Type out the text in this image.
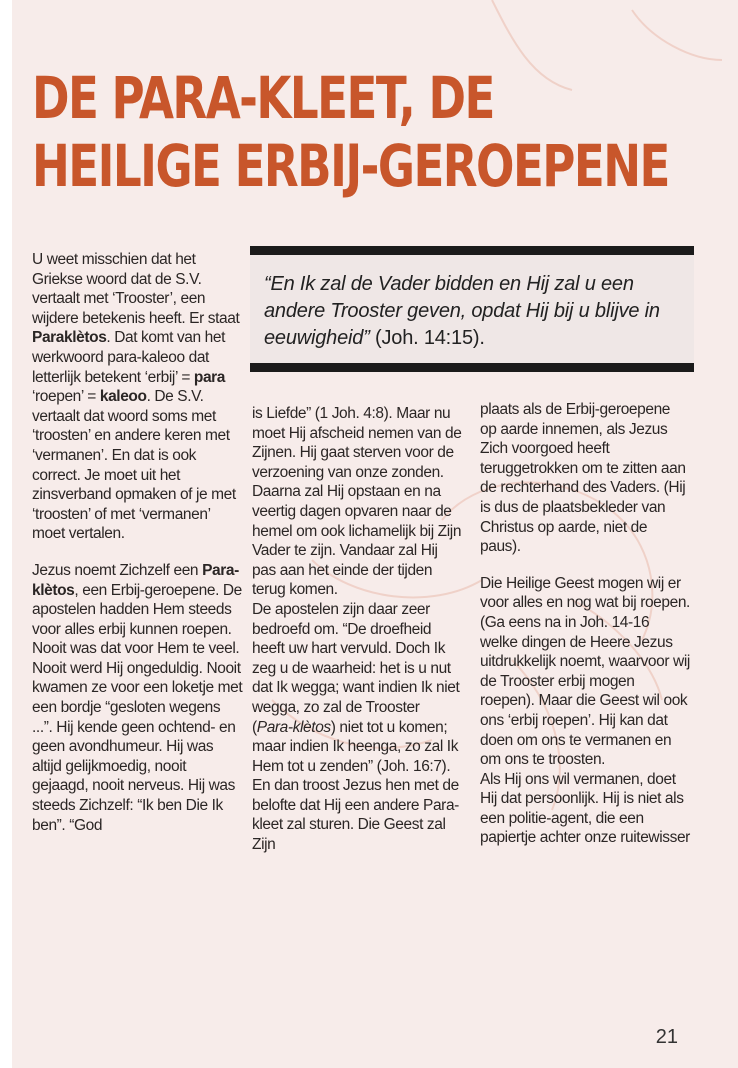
DE PARA-KLEET, DE
HEILIGE ERBIJ-GEROEPENE
“En Ik zal de Vader bidden en Hij zal u een andere Trooster geven, opdat Hij bij u blijve in eeuwigheid” (Joh. 14:15).

U weet misschien dat het Griekse woord dat de S.V. vertaalt met ‘Trooster’, een wijdere betekenis heeft. Er staat Paraklètos. Dat komt van het werkwoord para-kaleoo dat letterlijk betekent ‘erbij’ = para ‘roepen’ = kaleoo. De S.V. vertaalt dat woord soms met ‘troosten’ en andere keren met ‘vermanen’. En dat is ook correct. Je moet uit het zinsverband opmaken of je met ‘troosten’ of met ‘vermanen’ moet vertalen.

Jezus noemt Zichzelf een Para-klètos, een Erbij-geroepene. De apostelen hadden Hem steeds voor alles erbij kunnen roepen. Nooit was dat voor Hem te veel. Nooit werd Hij ongeduldig. Nooit kwamen ze voor een loketje met een bordje “gesloten wegens ...”. Hij kende geen ochtend- en geen avondhumeur. Hij was altijd gelijkmoedig, nooit gejaagd, nooit nerveus. Hij was steeds Zichzelf: “Ik ben Die Ik ben”. “God

is Liefde” (1 Joh. 4:8). Maar nu moet Hij afscheid nemen van de Zijnen. Hij gaat sterven voor de verzoening van onze zonden. Daarna zal Hij opstaan en na veertig dagen opvaren naar de hemel om ook lichamelijk bij Zijn Vader te zijn. Vandaar zal Hij pas aan het einde der tijden terug komen.
De apostelen zijn daar zeer bedroefd om. “De droefheid heeft uw hart vervuld. Doch Ik zeg u de waarheid: het is u nut dat Ik wegga; want indien Ik niet wegga, zo zal de Trooster (Para-klètos) niet tot u komen; maar indien Ik heenga, zo zal Ik Hem tot u zenden” (Joh. 16:7). En dan troost Jezus hen met de belofte dat Hij een andere Para-kleet zal sturen. Die Geest zal Zijn

plaats als de Erbij-geroepene op aarde innemen, als Jezus Zich voorgoed heeft teruggetrokken om te zitten aan de rechterhand des Vaders. (Hij is dus de plaatsbekleder van Christus op aarde, niet de paus).

Die Heilige Geest mogen wij er voor alles en nog wat bij roepen. (Ga eens na in Joh. 14-16 welke dingen de Heere Jezus uitdrukkelijk noemt, waarvoor wij de Trooster erbij mogen roepen). Maar die Geest wil ook ons ‘erbij roepen’. Hij kan dat doen om ons te vermanen en om ons te troosten.
Als Hij ons wil vermanen, doet Hij dat persoonlijk. Hij is niet als een politie-agent, die een papiertje achter onze ruitewisser

21
